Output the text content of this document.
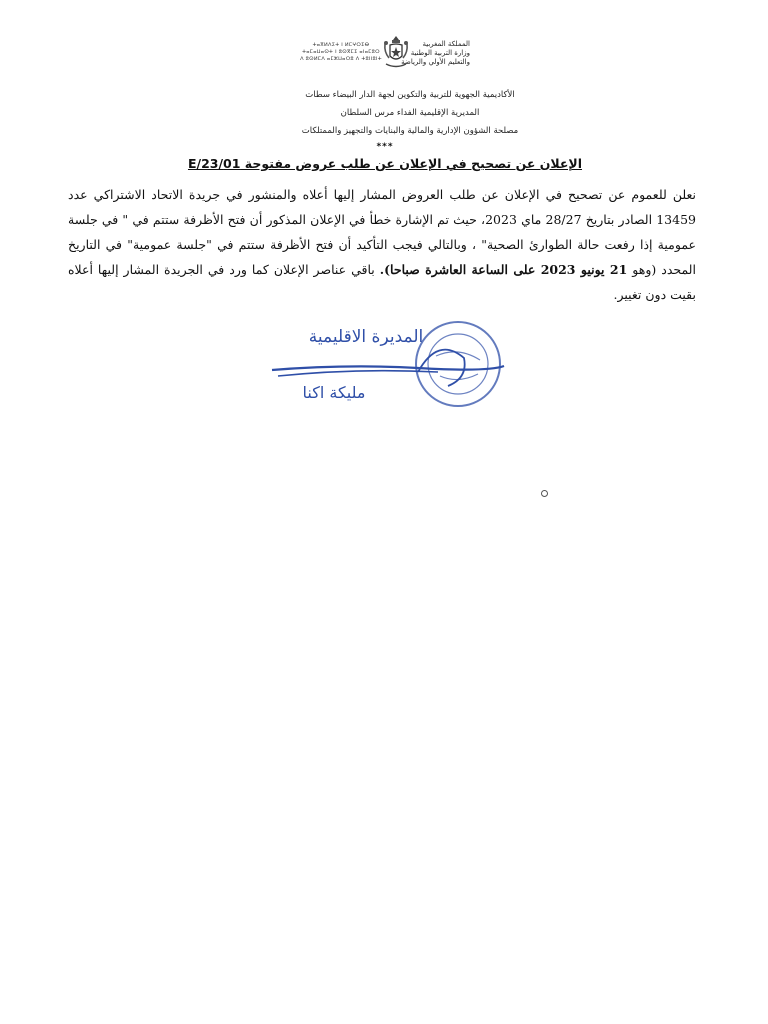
ⵜⴰⴳⵍⴷⵉⵜ ⵏ ⵍⵎⵖⵔⵉⴱ
ⵜⴰⵎⴰⵡⴰⵙⵜ ⵏ ⵓⵙⴳⵎⵉ ⴰⵏⴰⵎⵓⵔ
ⴷ ⵓⵙⵍⵎⴷ ⴰⵎⵣⵡⴰⵔⵓ ⴷ ⵜⵓⵏⵏⵓⵏⵜ
المملكة المغربية
وزارة التربية الوطنية
والتعليم الأولي والرياضة
الأكاديمية الجهوية للتربية والتكوين لجهة الدار البيضاء سطات
المديرية الإقليمية الفداء مرس السلطان
مصلحة الشؤون الإدارية والمالية والبنايات والتجهيز والممتلكات
***
الإعلان عن تصحيح في الإعلان عن طلب عروض مفتوحة 01/E/23
نعلن للعموم عن تصحيح في الإعلان عن طلب العروض المشار إليها أعلاه والمنشور في جريدة الاتحاد الاشتراكي عدد 13459 الصادر بتاريخ 28/27 ماي 2023، حيث تم الإشارة خطأ في الإعلان المذكور أن فتح الأظرفة ستتم في " في جلسة عمومية إذا رفعت حالة الطوارئ الصحية" ، وبالتالي فيجب التأكيد أن فتح الأظرفة ستتم في "جلسة عمومية" في التاريخ المحدد (وهو 21 يونيو 2023 على الساعة العاشرة صباحا). باقي عناصر الإعلان كما ورد في الجريدة المشار إليها أعلاه بقيت دون تغيير.
المديرة الاقليمية
مليكة اكنا
